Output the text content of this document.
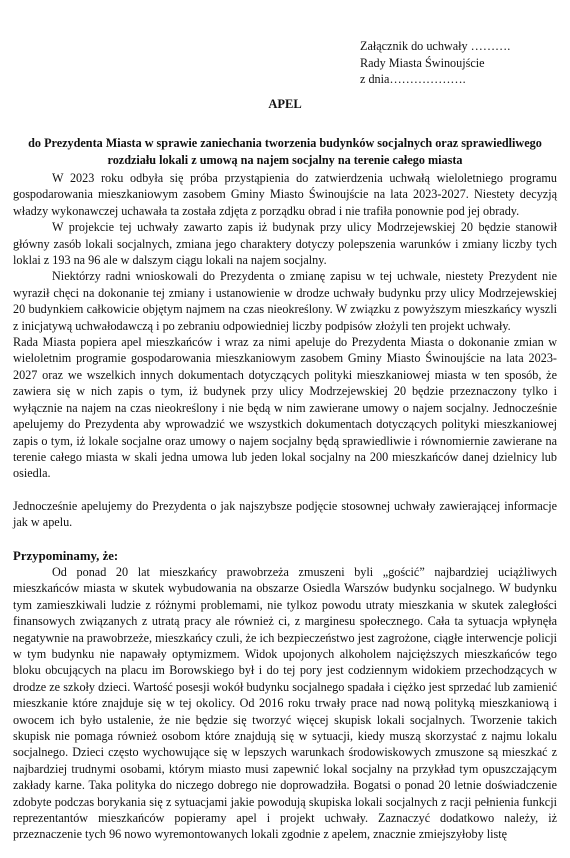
Załącznik do uchwały ……….
Rady Miasta Świnoujście
z dnia……………….
APEL
do Prezydenta Miasta w sprawie zaniechania tworzenia budynków socjalnych oraz sprawiedliwego rozdziału lokali z umową na najem socjalny na terenie całego miasta

W 2023 roku odbyła się próba przystąpienia do zatwierdzenia uchwałą wieloletniego programu gospodarowania mieszkaniowym zasobem Gminy Miasto Świnoujście na lata 2023-2027. Niestety decyzją władzy wykonawczej uchawała ta została zdjęta z porządku obrad i nie trafiła ponownie pod jej obrady.

W projekcie tej uchwały zawarto zapis iż budynak przy ulicy Modrzejewskiej 20 będzie stanowił główny zasób lokali socjalnych, zmiana jego charaktery dotyczy polepszenia warunków i zmiany liczby tych loklai z 193 na 96 ale w dalszym ciągu lokali na najem socjalny.

Niektórzy radni wnioskowali do Prezydenta o zmianę zapisu w tej uchwale, niestety Prezydent nie wyraził chęci na dokonanie tej zmiany i ustanowienie w drodze uchwały budynku przy ulicy Modrzejewskiej 20 budynkiem całkowicie objętym najmem na czas nieokreślony. W związku z powyższym mieszkańcy wyszli z inicjatywą uchwałodawczą i po zebraniu odpowiedniej liczby podpisów złożyli ten projekt uchwały.

Rada Miasta popiera apel mieszkańców i wraz za nimi apeluje do Prezydenta Miasta o dokonanie zmian w wieloletnim programie gospodarowania mieszkaniowym zasobem Gminy Miasto Świnoujście na lata 2023-2027 oraz we wszelkich innych dokumentach dotyczących polityki mieszkaniowej miasta w ten sposób, że zawiera się w nich zapis o tym, iż budynek przy ulicy Modrzejewskiej 20 będzie przeznaczony tylko i wyłącznie na najem na czas nieokreślony i nie będą w nim zawierane umowy o najem socjalny. Jednocześnie apelujemy do Prezydenta aby wprowadzić we wszystkich dokumentach dotyczących polityki mieszkaniowej zapis o tym, iż lokale socjalne oraz umowy o najem socjalny będą sprawiedliwie i równomiernie zawierane na terenie całego miasta w skali jedna umowa lub jeden lokal socjalny na 200 mieszkańców danej dzielnicy lub osiedla.

Jednocześnie apelujemy do Prezydenta o jak najszybsze podjęcie stosownej uchwały zawierającej informacje jak w apelu.

Przypominamy, że:

Od ponad 20 lat mieszkańcy prawobrzeża zmuszeni byli „gościć” najbardziej uciążliwych mieszkańców miasta w skutek wybudowania na obszarze Osiedla Warszów budynku socjalnego. W budynku tym zamieszkiwali ludzie z różnymi problemami, nie tylkoz powodu utraty mieszkania w skutek zaległości finansowych związanych z utratą pracy ale również ci, z marginesu społecznego. Cała ta sytuacja wpłynęła negatywnie na prawobrzeże, mieszkańcy czuli, że ich bezpieczeństwo jest zagrożone, ciągłe interwencje policji w tym budynku nie napawały optymizmem. Widok upojonych alkoholem najcięższych mieszkańców tego bloku obcujących na placu im Borowskiego był i do tej pory jest codziennym widokiem przechodzących w drodze ze szkoły dzieci. Wartość posesji wokół budynku socjalnego spadała i ciężko jest sprzedać lub zamienić mieszkanie które znajduje się w tej okolicy. Od 2016 roku trwały prace nad nową polityką mieszkaniową i owocem ich było ustalenie, że nie będzie się tworzyć więcej skupisk lokali socjalnych. Tworzenie takich skupisk nie pomaga również osobom które znajdują się w sytuacji, kiedy muszą skorzystać z najmu lokalu socjalnego. Dzieci często wychowujące się w lepszych warunkach środowiskowych zmuszone są mieszkać z najbardziej trudnymi osobami, którym miasto musi zapewnić lokal socjalny na przykład tym opuszczającym zakłady karne. Taka polityka do niczego dobrego nie doprowadziła. Bogatsi o ponad 20 letnie doświadczenie zdobyte podczas borykania się z sytuacjami jakie powodują skupiska lokali socjalnych z racji pełnienia funkcji reprezentantów mieszkańców popieramy apel i projekt uchwały. Zaznaczyć dodatkowo należy, iż przeznaczenie tych 96 nowo wyremontowanych lokali zgodnie z apelem, znacznie zmiejszyłoby listę
